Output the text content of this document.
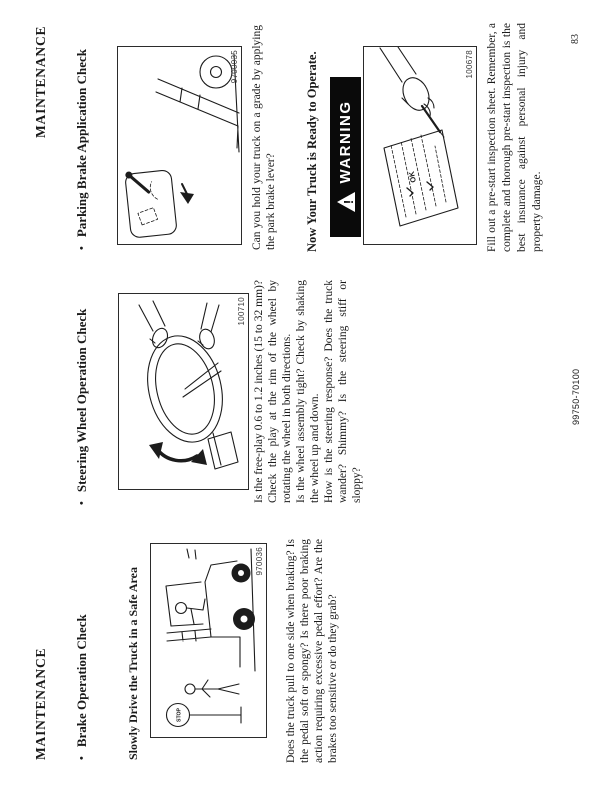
MAINTENANCE
MAINTENANCE
•
Brake Operation Check	Slowly Drive the Truck in a Safe Area	STOP
970036 Does the truck pull to one side when braking? Is the pedal soft or spongy? Is there poor braking action requiring excessive pedal effort? Are the brakes too sensitive or do they grab?
•
Steering Wheel Operation Check	100710 Is the free-play 0.6 to 1.2 inches (15 to 32 mm)? Check the play at the rim of the wheel by rotating the wheel in both directions. Is the wheel assembly tight? Check by shaking the wheel up and down. How is the steering response? Does the truck wander? Shimmy? Is the steering stiff or sloppy?
•
Parking Brake Application Check	9700035 Can you hold your truck on a grade by applying the park brake lever? Now Your Truck is Ready to Operate. !
WARNING	OK
100678 Fill out a pre-start inspection sheet. Remember, a complete and thorough pre-start inspection is the best insurance against personal injury and property damage.
99750-70100
83
